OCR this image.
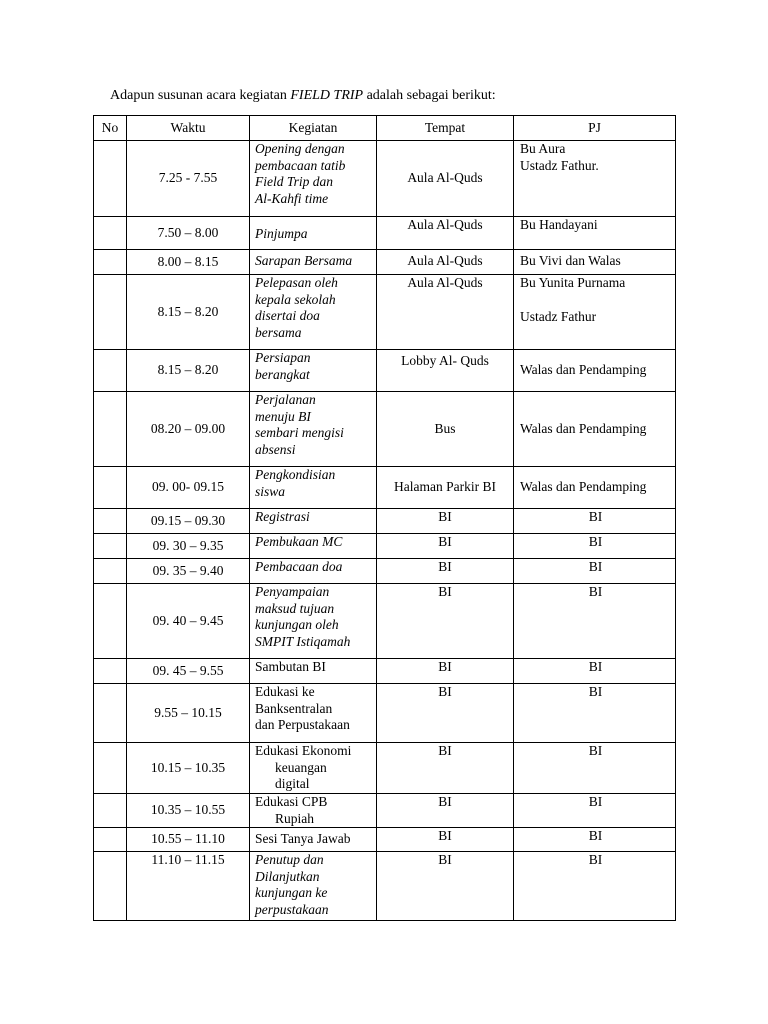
Adapun susunan acara kegiatan FIELD TRIP adalah sebagai berikut:
No	Waktu	Kegiatan	Tempat	PJ
	7.25 - 7.55	Opening dengan
pembacaan tatib
Field Trip dan
Al-Kahfi time	Aula Al-Quds	Bu Aura
Ustadz Fathur.

	7.50 – 8.00	Pinjumpa	Aula Al-Quds	Bu Handayani

	8.00 – 8.15	Sarapan Bersama	Aula Al-Quds	Bu Vivi dan Walas

	8.15 – 8.20	Pelepasan oleh
kepala sekolah
disertai doa
bersama	Aula Al-Quds	Bu Yunita Purnama
Ustadz Fathur

	8.15 – 8.20	Persiapan
berangkat	Lobby Al- Quds	Walas dan Pendamping

	08.20 – 09.00	Perjalanan
menuju BI
sembari mengisi
absensi	Bus	Walas dan Pendamping

	09. 00- 09.15	Pengkondisian
siswa	Halaman Parkir BI	Walas dan Pendamping

	09.15 – 09.30	Registrasi	BI	BI

	09. 30 – 9.35	Pembukaan MC	BI	BI

	09. 35 – 9.40	Pembacaan doa	BI	BI

	09. 40 – 9.45	Penyampaian
maksud tujuan
kunjungan oleh
SMPIT Istiqamah	BI	BI

	09. 45 – 9.55	Sambutan BI	BI	BI

	9.55 – 10.15	Edukasi ke
Banksentralan
dan Perpustakaan	BI	BI

	10.15 – 10.35	Edukasi Ekonomi
keuangan
digital	BI	BI

	10.35 – 10.55	Edukasi CPB
Rupiah	BI	BI

	10.55 – 11.10	Sesi Tanya Jawab	BI	BI

	11.10 – 11.15	Penutup dan
Dilanjutkan
kunjungan ke
perpustakaan	BI	BI
